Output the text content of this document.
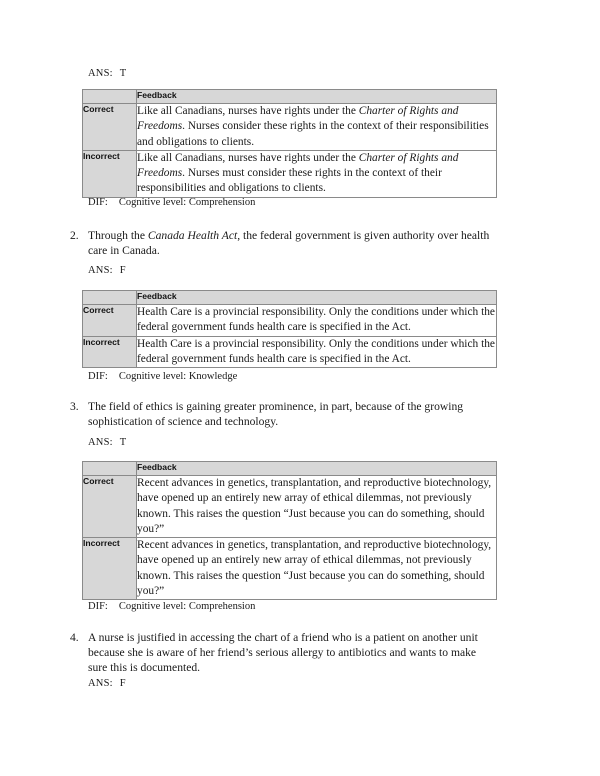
ANS: T
	Feedback
Correct	Like all Canadians, nurses have rights under the Charter of Rights and Freedoms. Nurses consider these rights in the context of their responsibilities and obligations to clients.
Incorrect	Like all Canadians, nurses have rights under the Charter of Rights and Freedoms. Nurses must consider these rights in the context of their responsibilities and obligations to clients.
DIF: Cognitive level: Comprehension
2. Through the Canada Health Act, the federal government is given authority over health care in Canada.
ANS: F
	Feedback
Correct	Health Care is a provincial responsibility. Only the conditions under which the federal government funds health care is specified in the Act.
Incorrect	Health Care is a provincial responsibility. Only the conditions under which the federal government funds health care is specified in the Act.
DIF: Cognitive level: Knowledge
3. The field of ethics is gaining greater prominence, in part, because of the growing sophistication of science and technology.
ANS: T
	Feedback
Correct	Recent advances in genetics, transplantation, and reproductive biotechnology, have opened up an entirely new array of ethical dilemmas, not previously known. This raises the question “Just because you can do something, should you?”
Incorrect	Recent advances in genetics, transplantation, and reproductive biotechnology, have opened up an entirely new array of ethical dilemmas, not previously known. This raises the question “Just because you can do something, should you?”
DIF: Cognitive level: Comprehension
4. A nurse is justified in accessing the chart of a friend who is a patient on another unit because she is aware of her friend’s serious allergy to antibiotics and wants to make sure this is documented.
ANS: F
